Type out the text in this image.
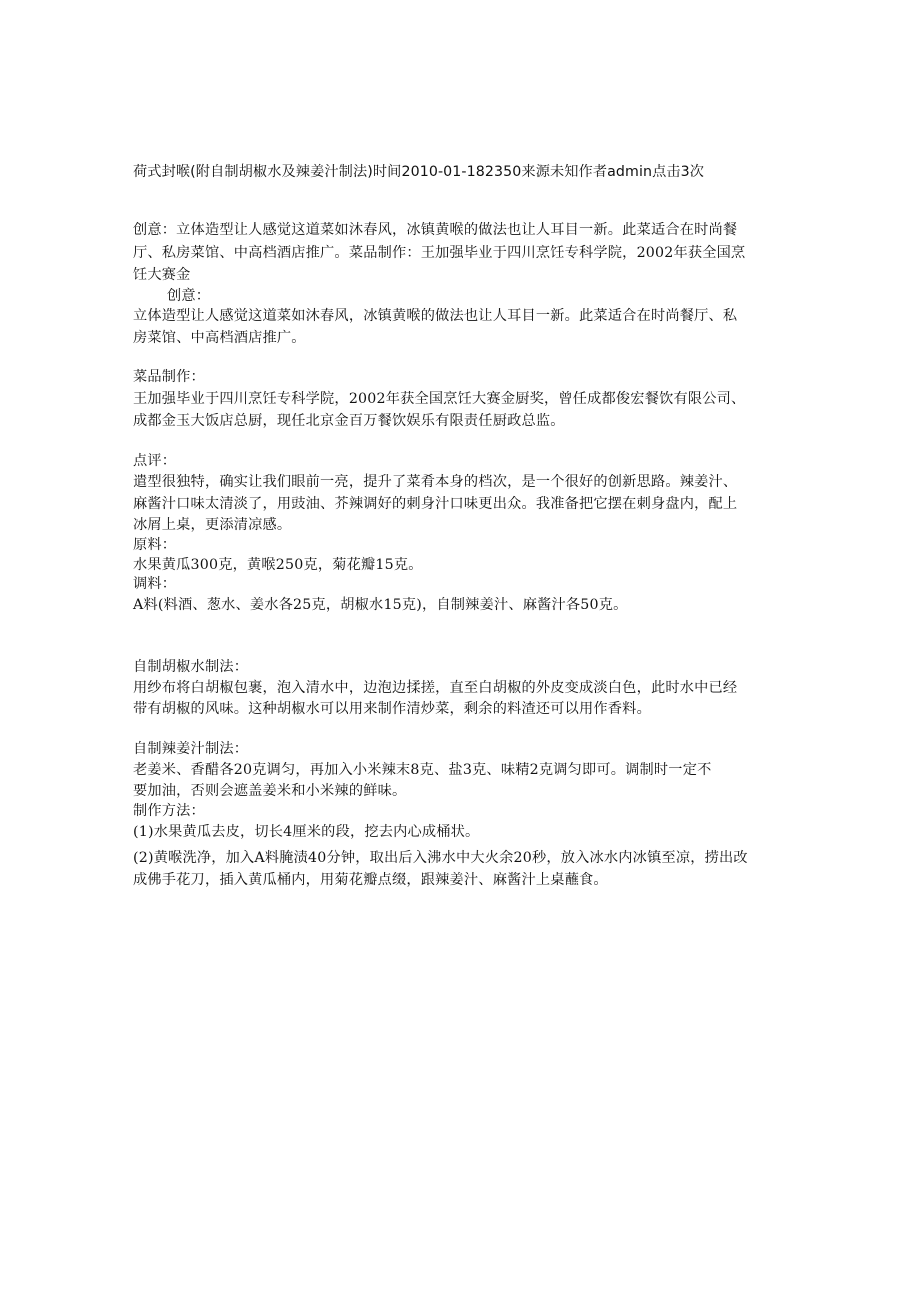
荷式封喉(附自制胡椒水及辣姜汁制法)时间2010-01-182350来源未知作者admin点击3次
创意：立体造型让人感觉这道菜如沐春风，冰镇黄喉的做法也让人耳目一新。此菜适合在时尚餐
厅、私房菜馆、中高档酒店推广。菜品制作：王加强毕业于四川烹饪专科学院，2002年获全国烹
饪大赛金
创意：
立体造型让人感觉这道菜如沐春风，冰镇黄喉的做法也让人耳目一新。此菜适合在时尚餐厅、私
房菜馆、中高档酒店推广。
菜品制作：
王加强毕业于四川烹饪专科学院，2002年获全国烹饪大赛金厨奖，曾任成都俊宏餐饮有限公司、
成都金玉大饭店总厨，现任北京金百万餐饮娱乐有限责任厨政总监。
点评：
遣型很独特，确实让我们眼前一亮，提升了菜肴本身的档次，是一个很好的创新思路。辣姜汁、
麻酱汁口味太清淡了，用豉油、芥辣调好的刺身汁口味更出众。我准备把它摆在刺身盘内，配上
冰屑上桌，更添清凉感。
原料：
水果黄瓜300克，黄喉250克，菊花瓣15克。
调料：
A料(料酒、葱水、姜水各25克，胡椒水15克)，自制辣姜汁、麻酱汁各50克。
自制胡椒水制法：
用纱布将白胡椒包裹，泡入清水中，边泡边揉搓，直至白胡椒的外皮变成淡白色，此时水中已经
带有胡椒的风味。这种胡椒水可以用来制作清炒菜，剩余的料渣还可以用作香料。
自制辣姜汁制法：
老姜米、香醋各20克调匀，再加入小米辣末8克、盐3克、味精2克调匀即可。调制时一定不
要加油，否则会遮盖姜米和小米辣的鲜味。
制作方法：
(1)水果黄瓜去皮，切长4厘米的段，挖去内心成桶状。
(2)黄喉洗净，加入A料腌渍40分钟，取出后入沸水中大火余20秒，放入冰水内冰镇至凉，捞出改
成佛手花刀，插入黄瓜桶内，用菊花瓣点缀，跟辣姜汁、麻酱汁上桌蘸食。
